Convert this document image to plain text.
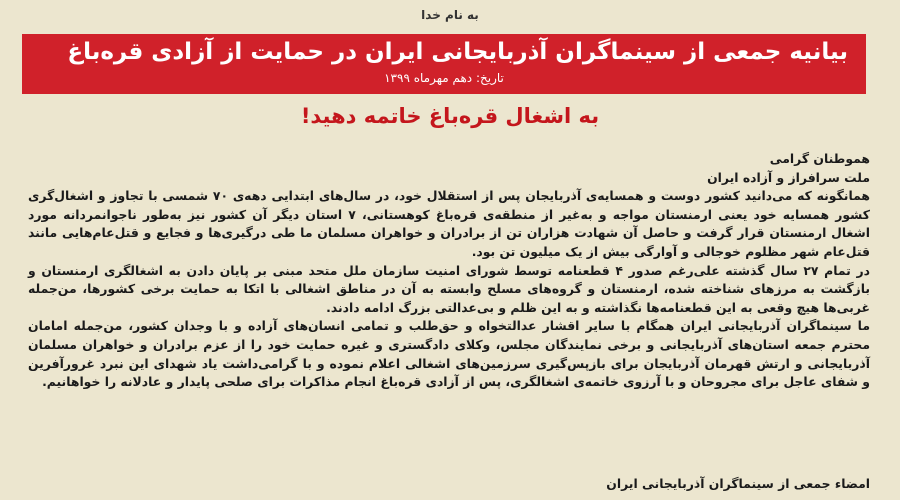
به نام خدا
بیانیه جمعی از سینماگران آذربایجانی ایران در حمایت از آزادی قره‌باغ
تاریخ: دهم مهرماه ۱۳۹۹
به اشغال قره‌باغ خاتمه دهید!

هموطنان گرامی

ملت سرافراز و آزاده ایران

همانگونه که می‌دانید کشور دوست و همسایه‌ی آذربایجان پس از استقلال خود، در سال‌های ابتدایی دهه‌ی ۷۰ شمسی با تجاوز و اشغال‌گری کشور همسایه خود یعنی ارمنستان مواجه و به‌غیر از منطقه‌ی قره‌باغ کوهستانی، ۷ استان دیگر آن کشور نیز به‌طور ناجوانمردانه مورد اشغال ارمنستان قرار گرفت و حاصل آن شهادت هزاران تن از برادران و خواهران مسلمان ما طی درگیری‌ها و فجایع و قتل‌عام‌هایی مانند قتل‌عام شهر مظلوم خوجالی و آوارگی بیش از یک میلیون تن بود.

در تمام ۲۷ سال گذشته علی‌رغم صدور ۴ قطعنامه توسط شورای امنیت سازمان ملل متحد مبنی بر پایان دادن به اشغالگری ارمنستان و بازگشت به مرزهای شناخته شده، ارمنستان و گروه‌های مسلح وابسته به آن در مناطق اشغالی با اتکا به حمایت برخی کشورها، من‌جمله غربی‌ها هیچ وقعی به این قطعنامه‌ها نگذاشته و به این ظلم و بی‌عدالتی بزرگ ادامه دادند.

ما سینماگران آذربایجانی ایران همگام با سایر اقشار عدالتخواه و حق‌طلب و تمامی انسان‌های آزاده و با وجدان کشور، من‌جمله امامان محترم جمعه استان‌های آذربایجانی و برخی نمایندگان مجلس، وکلای دادگستری و غیره حمایت خود را از عزم برادران و خواهران مسلمان آذربایجانی و ارتش قهرمان آذربایجان برای بازپس‌گیری سرزمین‌های اشغالی اعلام نموده و با گرامی‌داشت یاد شهدای این نبرد غرورآفرین و شفای عاجل برای مجروحان و با آرزوی خاتمه‌ی اشغالگری، پس از آزادی قره‌باغ انجام مذاکرات برای صلحی پایدار و عادلانه را خواهانیم.

امضاء جمعی از سینماگران آذربایجانی ایران
